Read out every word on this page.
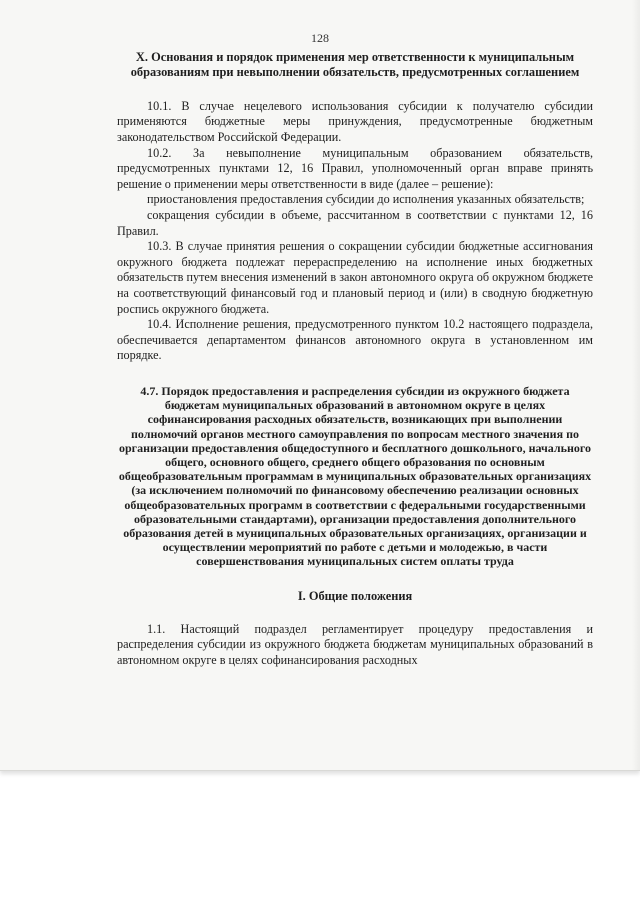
128
X. Основания и порядок применения мер ответственности к муниципальным образованиям при невыполнении обязательств, предусмотренных соглашением

10.1. В случае нецелевого использования субсидии к получателю субсидии применяются бюджетные меры принуждения, предусмотренные бюджетным законодательством Российской Федерации.

10.2. За невыполнение муниципальным образованием обязательств, предусмотренных пунктами 12, 16 Правил, уполномоченный орган вправе принять решение о применении меры ответственности в виде (далее – решение):

приостановления предоставления субсидии до исполнения указанных обязательств;

сокращения субсидии в объеме, рассчитанном в соответствии с пунктами 12, 16 Правил.

10.3. В случае принятия решения о сокращении субсидии бюджетные ассигнования окружного бюджета подлежат перераспределению на исполнение иных бюджетных обязательств путем внесения изменений в закон автономного округа об окружном бюджете на соответствующий финансовый год и плановый период и (или) в сводную бюджетную роспись окружного бюджета.

10.4. Исполнение решения, предусмотренного пунктом 10.2 настоящего подраздела, обеспечивается департаментом финансов автономного округа в установленном им порядке.

4.7. Порядок предоставления и распределения субсидии из окружного бюджета бюджетам муниципальных образований в автономном округе в целях софинансирования расходных обязательств, возникающих при выполнении полномочий органов местного самоуправления по вопросам местного значения по организации предоставления общедоступного и бесплатного дошкольного, начального общего, основного общего, среднего общего образования по основным общеобразовательным программам в муниципальных образовательных организациях (за исключением полномочий по финансовому обеспечению реализации основных общеобразовательных программ в соответствии с федеральными государственными образовательными стандартами), организации предоставления дополнительного образования детей в муниципальных образовательных организациях, организации и осуществлении мероприятий по работе с детьми и молодежью, в части совершенствования муниципальных систем оплаты труда
I. Общие положения

1.1. Настоящий подраздел регламентирует процедуру предоставления и распределения субсидии из окружного бюджета бюджетам муниципальных образований в автономном округе в целях софинансирования расходных
